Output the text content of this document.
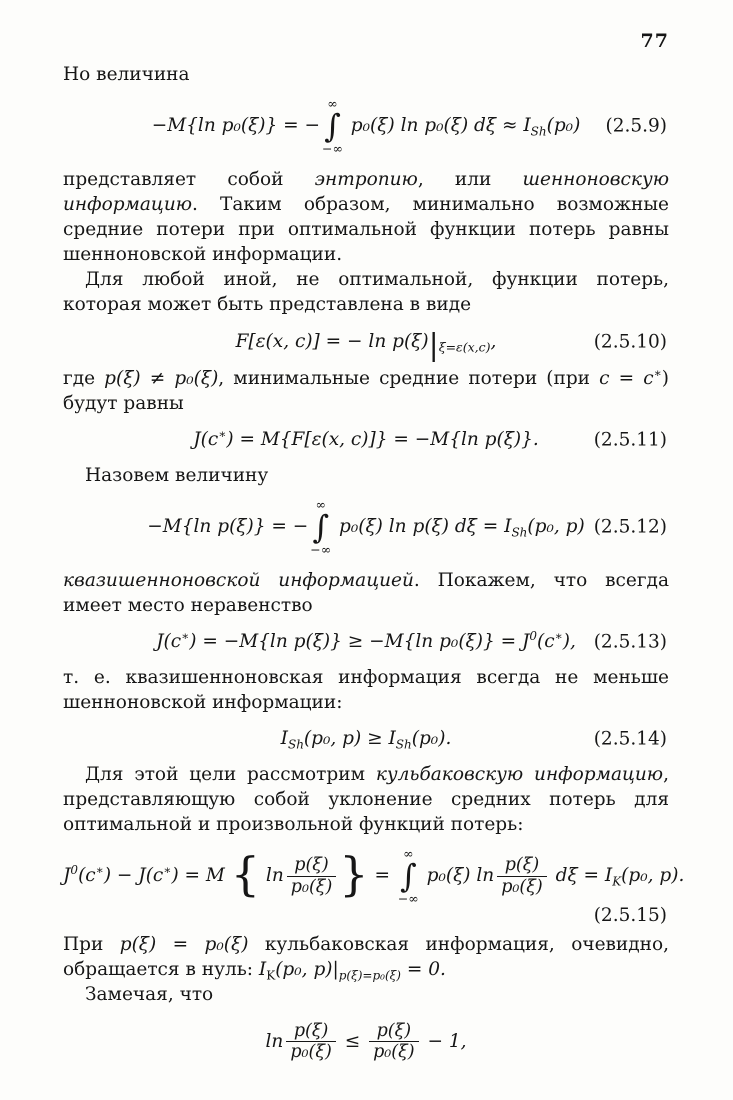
77

Но величина

−M{ln p₀(ξ)} = −
∞
∫
−∞
p₀(ξ) ln p₀(ξ) $d\xi \approx I_{Sh}(p_0)$ (2.5.9)

представляет собой энтропию, или шенноновскую информацию. Таким образом, минимально возможные средние потери при оптимальной функции потерь равны шенноновской информации.

Для любой иной, не оптимальной, функции потерь, которая может быть представлена в виде

F[ε(x, c)] = − $\ln p(\xi)|_{\xi=\varepsilon(x,c)}$,	(2.5.10)

где p(ξ) ≠ p₀(ξ), минимальные средние потери (при c = c∗) будут равны

J(c∗) = M{F[ε(x, c)]} = −M{ln p(ξ)}.	(2.5.11)

Назовем величину

−M{ln p(ξ)} = −
∞
∫
−∞
p₀(ξ) ln p(ξ) $d\xi = I_{Sh}(p_0$, p) (2.5.12)

квазишенноновской информацией. Покажем, что всегда имеет место неравенство

J(c∗) = −M{ln p(ξ)} ≥ −M{ln $p_0(\xi)\} = J^0(c^∗)$, (2.5.13)

т. е. квазишенноновская информация всегда не меньше шенноновской информации:

$I_{Sh}(p_0$, $p) \ge I_{Sh}(p_0)$.	(2.5.14)

Для этой цели рассмотрим кульбаковскую информацию, представляющую собой уклонение средних потерь для оптимальной и произвольной функций потерь:

$J^0(c^∗) - J(c^∗) = M$ { $\ln \frac{p(\xi)}{\text{p₀(ξ)}}$ } =
∞
∫
−∞
p₀(ξ) $\ln \frac{p(\xi)}{\text{p₀(ξ)}}$ $d\xi = I_K(p_0$, p).
(2.5.15)

При p(ξ) = p₀(ξ) кульбаковская информация, очевидно, обращается в нуль: $I_K(p_0$, $p)|_{p(\xi)=p_0(\xi)} = 0$.

Замечая, что

$\ln \frac{p(\xi)}{\text{p₀(ξ)}} \le \frac{p(\xi)}{\text{p₀(ξ)}} - 1$,
